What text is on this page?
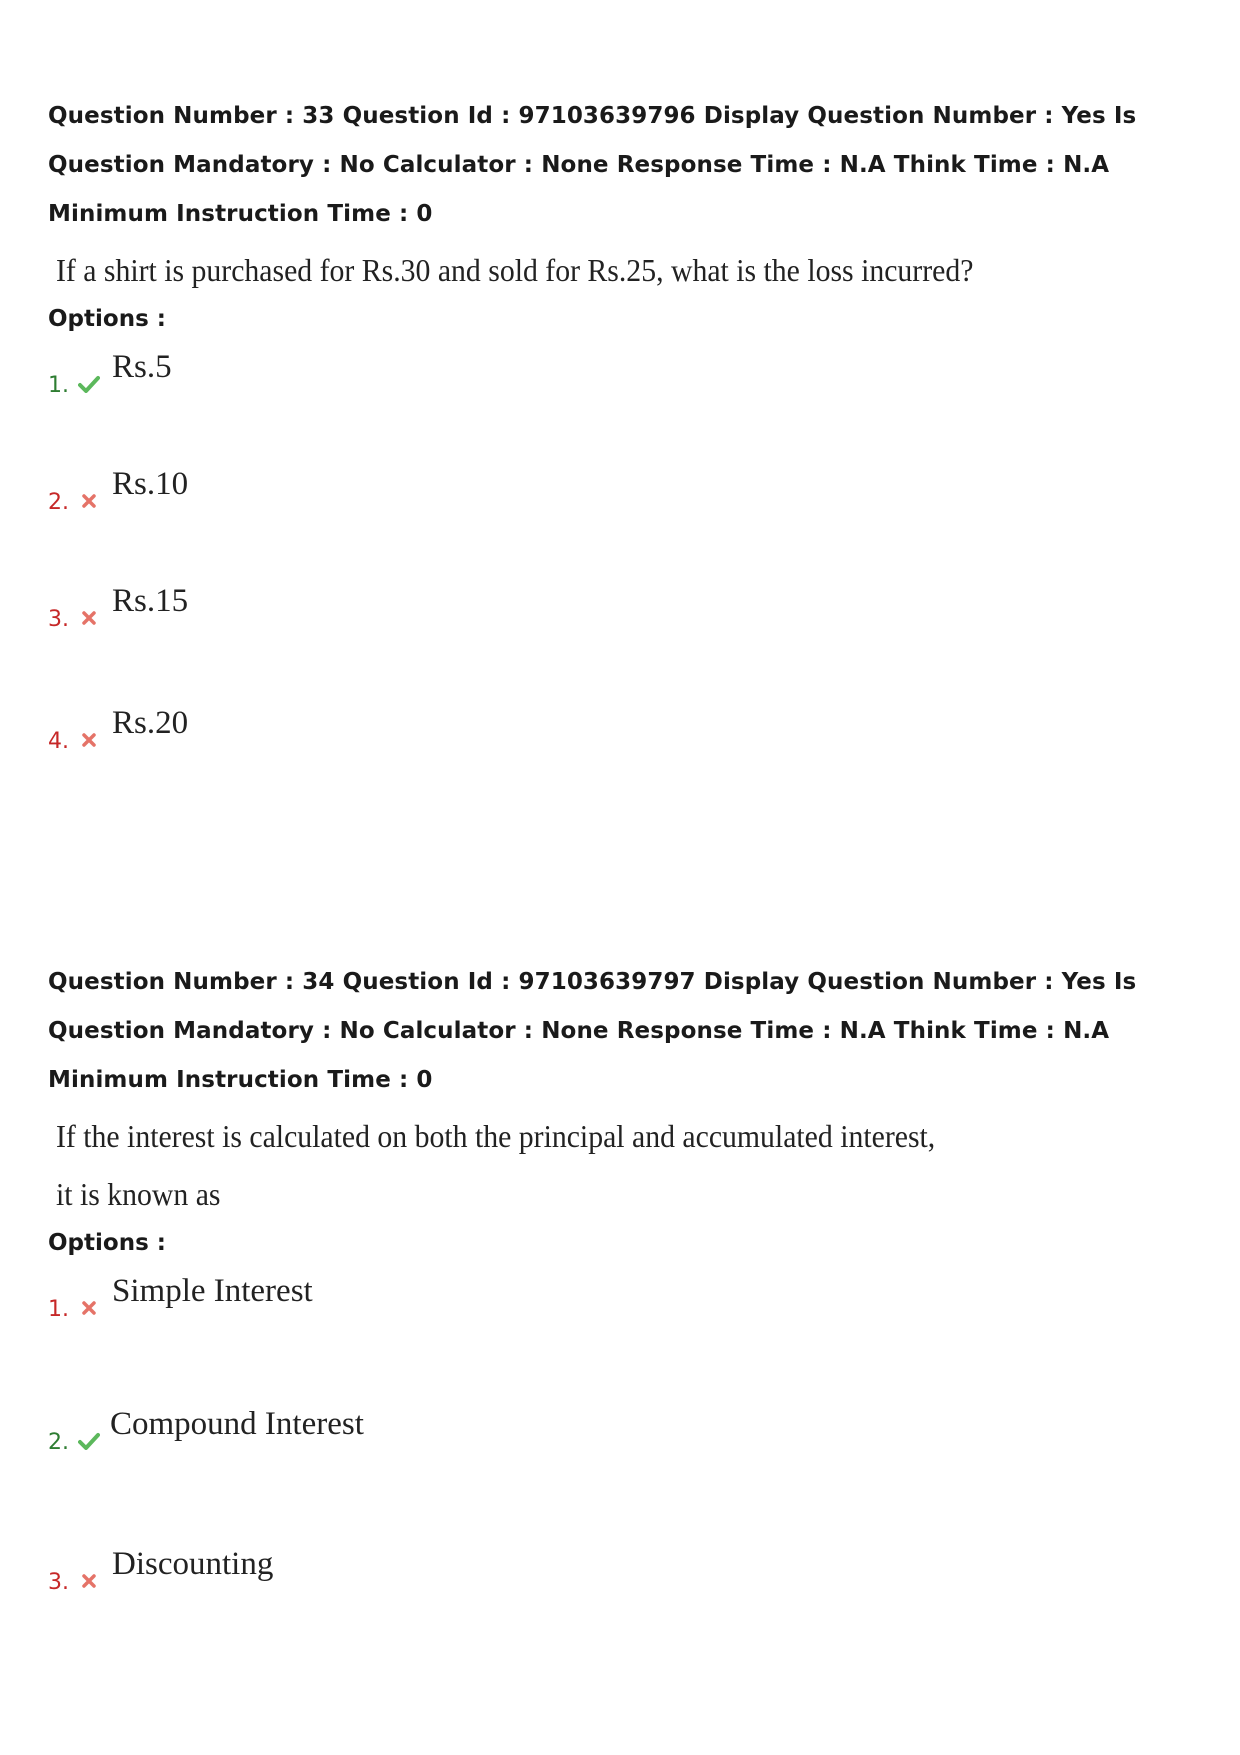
Question Number : 33 Question Id : 97103639796 Display Question Number : Yes Is Question Mandatory : No Calculator : None Response Time : N.A Think Time : N.A Minimum Instruction Time : 0

If a shirt is purchased for Rs.30 and sold for Rs.25, what is the loss incurred?

Options :

1.
Rs.5
2.
Rs.10
3.
Rs.15
4.
Rs.20

Question Number : 34 Question Id : 97103639797 Display Question Number : Yes Is Question Mandatory : No Calculator : None Response Time : N.A Think Time : N.A Minimum Instruction Time : 0

If the interest is calculated on both the principal and accumulated interest,
it is known as

Options :

1.
Simple Interest
2.
Compound Interest
3.
Discounting
